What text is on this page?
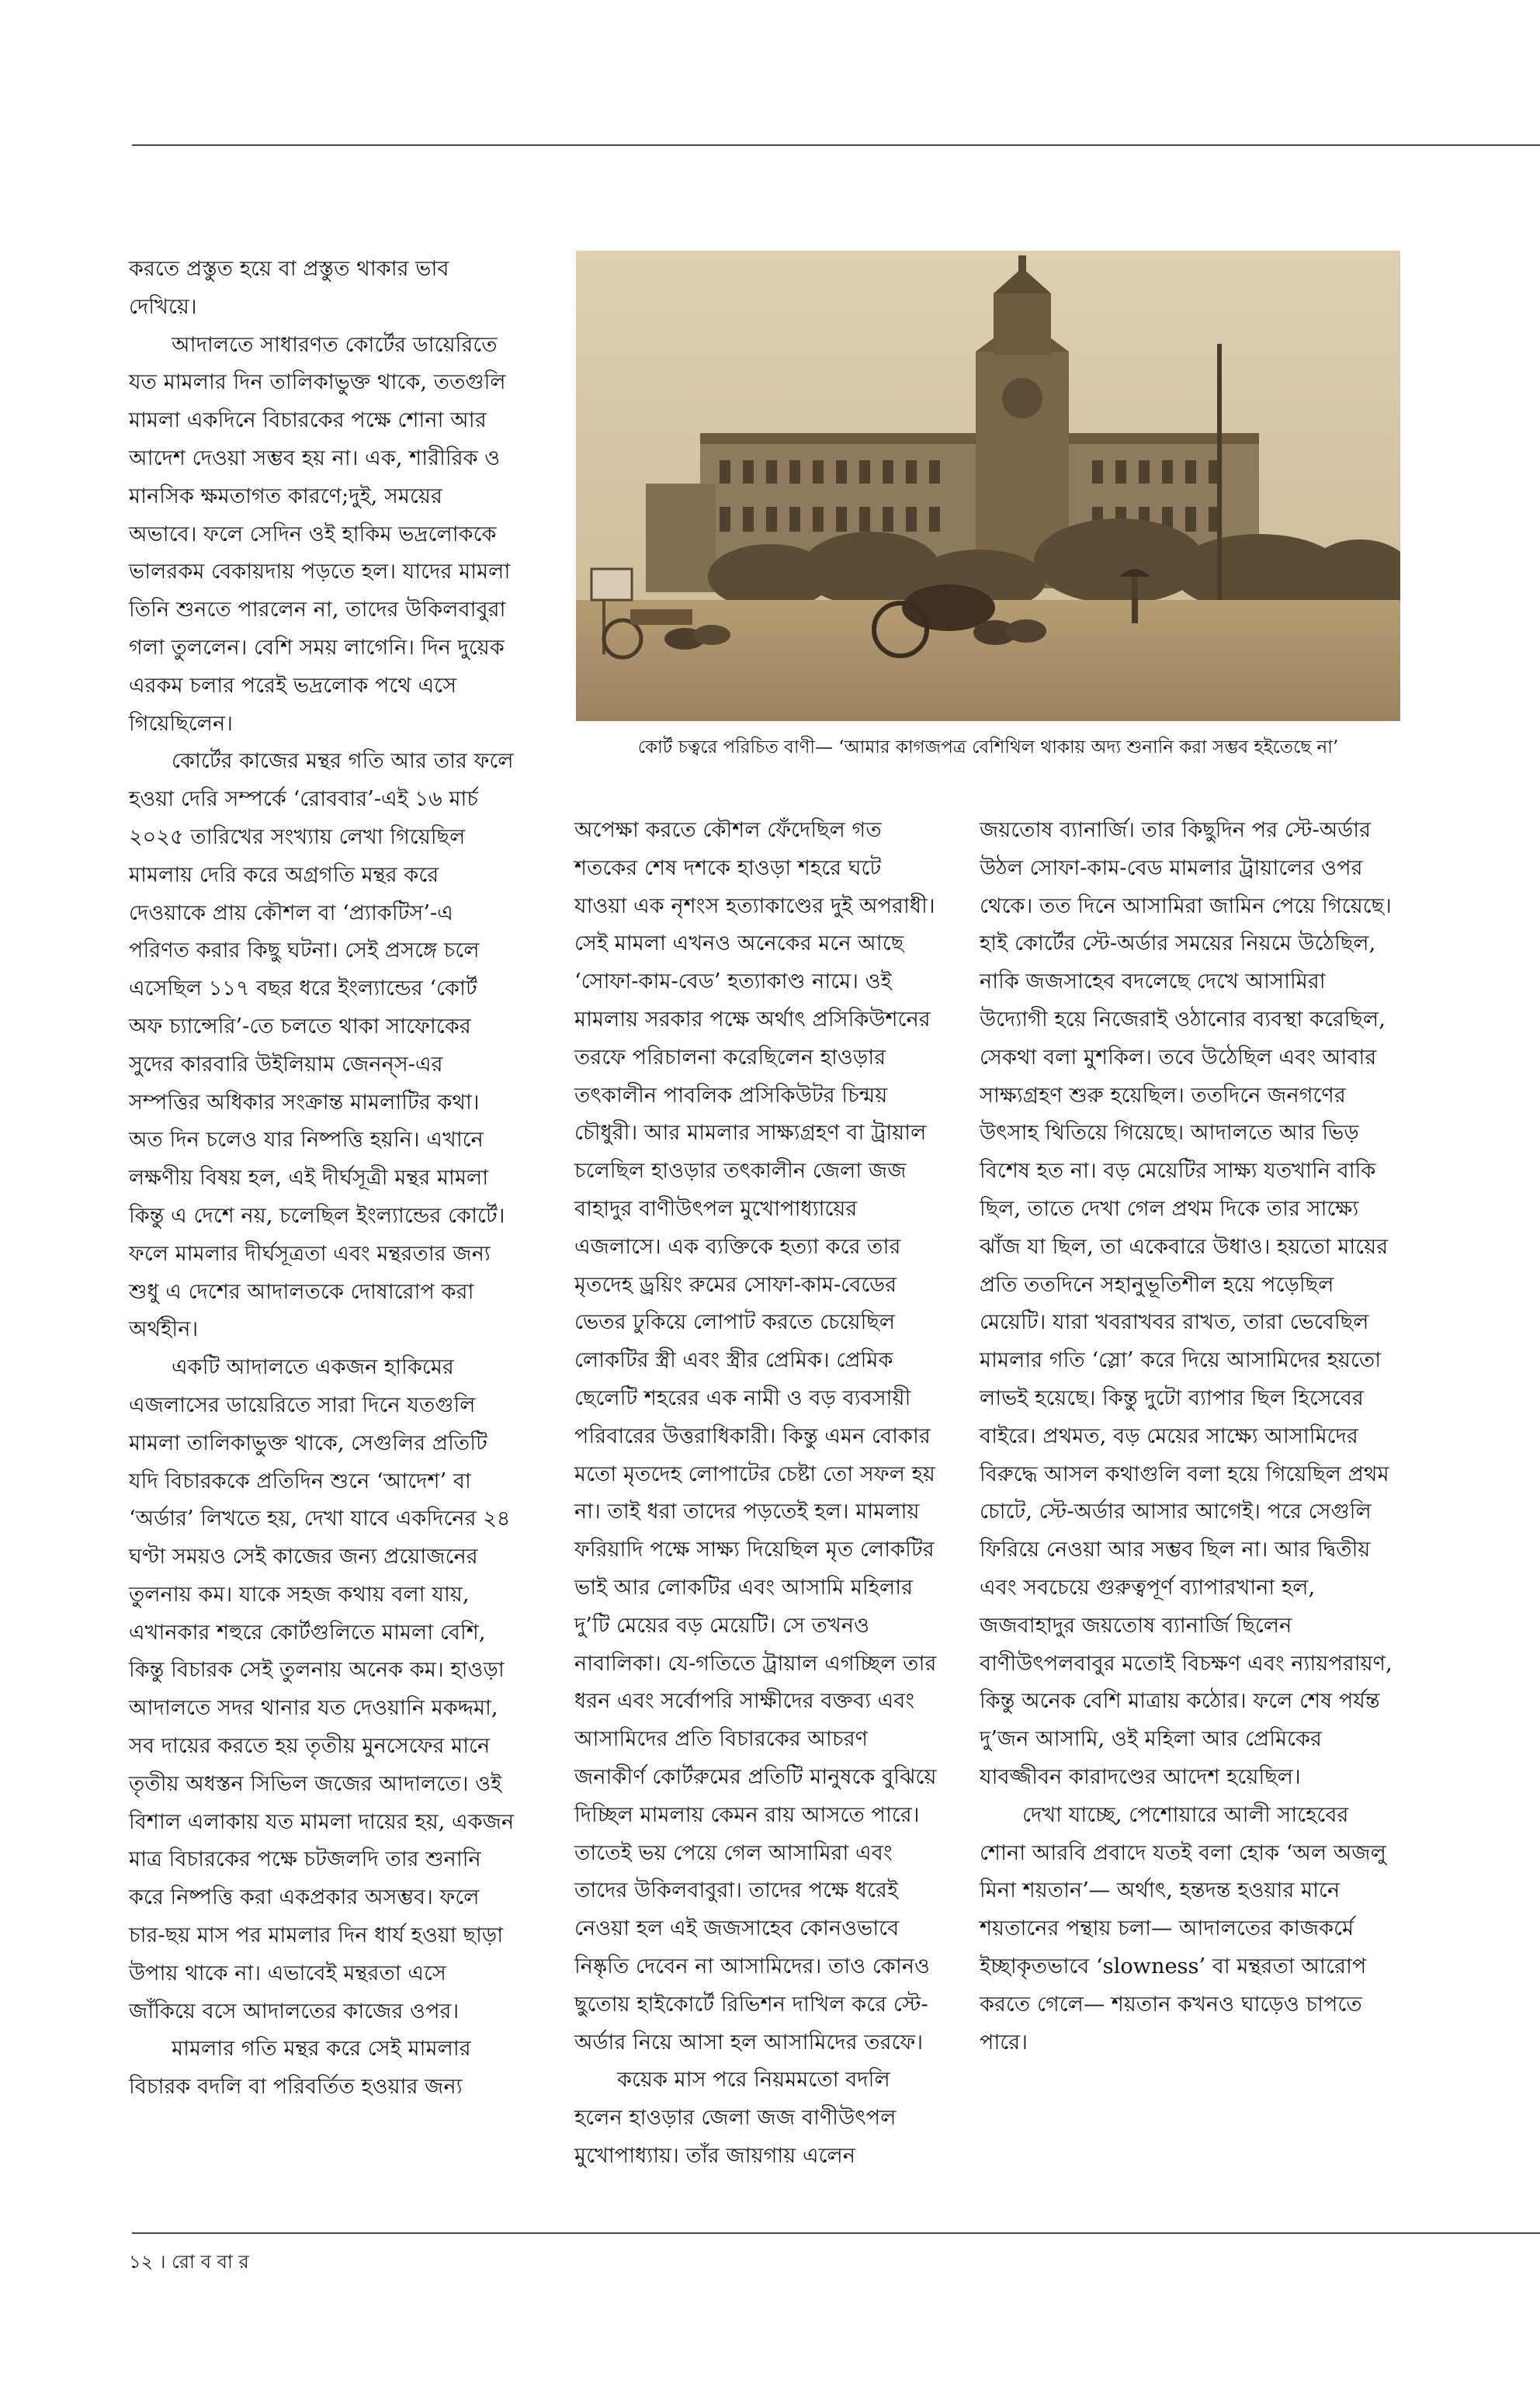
করতে প্রস্তুত হয়ে বা প্রস্তুত থাকার ভাব দেখিয়ে।

আদালতে সাধারণত কোর্টের ডায়েরিতে যত মামলার দিন তালিকাভুক্ত থাকে, ততগুলি মামলা একদিনে বিচারকের পক্ষে শোনা আর আদেশ দেওয়া সম্ভব হয় না। এক, শারীরিক ও মানসিক ক্ষমতাগত কারণে;দুই, সময়ের অভাবে। ফলে সেদিন ওই হাকিম ভদ্রলোককে ভালরকম বেকায়দায় পড়তে হল। যাদের মামলা তিনি শুনতে পারলেন না, তাদের উকিলবাবুরা গলা তুললেন। বেশি সময় লাগেনি। দিন দুয়েক এরকম চলার পরেই ভদ্রলোক পথে এসে গিয়েছিলেন।

কোর্টের কাজের মন্থর গতি আর তার ফলে হওয়া দেরি সম্পর্কে ‘রোববার’-এই ১৬ মার্চ ২০২৫ তারিখের সংখ্যায় লেখা গিয়েছিল মামলায় দেরি করে অগ্রগতি মন্থর করে দেওয়াকে প্রায় কৌশল বা ‘প্র্যাকটিস’-এ পরিণত করার কিছু ঘটনা। সেই প্রসঙ্গে চলে এসেছিল ১১৭ বছর ধরে ইংল্যান্ডের ‘কোর্ট অফ চ্যান্সেরি’-তে চলতে থাকা সাফোকের সুদের কারবারি উইলিয়াম জেনন্‌স-এর সম্পত্তির অধিকার সংক্রান্ত মামলাটির কথা। অত দিন চলেও যার নিষ্পত্তি হয়নি। এখানে লক্ষণীয় বিষয় হল, এই দীর্ঘসূত্রী মন্থর মামলা কিন্তু এ দেশে নয়, চলেছিল ইংল্যান্ডের কোর্টে। ফলে মামলার দীর্ঘসূত্রতা এবং মন্থরতার জন্য শুধু এ দেশের আদালতকে দোষারোপ করা অর্থহীন।

একটি আদালতে একজন হাকিমের এজলাসের ডায়েরিতে সারা দিনে যতগুলি মামলা তালিকাভুক্ত থাকে, সেগুলির প্রতিটি যদি বিচারককে প্রতিদিন শুনে ‘আদেশ’ বা ‘অর্ডার’ লিখতে হয়, দেখা যাবে একদিনের ২৪ ঘণ্টা সময়ও সেই কাজের জন্য প্রয়োজনের তুলনায় কম। যাকে সহজ কথায় বলা যায়, এখানকার শহুরে কোর্টগুলিতে মামলা বেশি, কিন্তু বিচারক সেই তুলনায় অনেক কম। হাওড়া আদালতে সদর থানার যত দেওয়ানি মকদ্দমা, সব দায়ের করতে হয় তৃতীয় মুনসেফের মানে তৃতীয় অধস্তন সিভিল জজের আদালতে। ওই বিশাল এলাকায় যত মামলা দায়ের হয়, একজন মাত্র বিচারকের পক্ষে চটজলদি তার শুনানি করে নিষ্পত্তি করা একপ্রকার অসম্ভব। ফলে চার-ছয় মাস পর মামলার দিন ধার্য হওয়া ছাড়া উপায় থাকে না। এভাবেই মন্থরতা এসে জাঁকিয়ে বসে আদালতের কাজের ওপর।

মামলার গতি মন্থর করে সেই মামলার বিচারক বদলি বা পরিবর্তিত হওয়ার জন্য

কোর্ট চত্বরে পরিচিত বাণী— ‘আমার কাগজপত্র বেশিথিল থাকায় অদ্য শুনানি করা সম্ভব হইতেছে না’

অপেক্ষা করতে কৌশল ফেঁদেছিল গত শতকের শেষ দশকে হাওড়া শহরে ঘটে যাওয়া এক নৃশংস হত্যাকাণ্ডের দুই অপরাধী। সেই মামলা এখনও অনেকের মনে আছে ‘সোফা-কাম-বেড’ হত্যাকাণ্ড নামে। ওই মামলায় সরকার পক্ষে অর্থাৎ প্রসিকিউশনের তরফে পরিচালনা করেছিলেন হাওড়ার তৎকালীন পাবলিক প্রসিকিউটর চিন্ময় চৌধুরী। আর মামলার সাক্ষ্যগ্রহণ বা ট্রায়াল চলেছিল হাওড়ার তৎকালীন জেলা জজ বাহাদুর বাণীউৎপল মুখোপাধ্যায়ের এজলাসে। এক ব্যক্তিকে হত্যা করে তার মৃতদেহ ড্রয়িং রুমের সোফা-কাম-বেডের ভেতর ঢুকিয়ে লোপাট করতে চেয়েছিল লোকটির স্ত্রী এবং স্ত্রীর প্রেমিক। প্রেমিক ছেলেটি শহরের এক নামী ও বড় ব্যবসায়ী পরিবারের উত্তরাধিকারী। কিন্তু এমন বোকার মতো মৃতদেহ লোপাটের চেষ্টা তো সফল হয় না। তাই ধরা তাদের পড়তেই হল। মামলায় ফরিয়াদি পক্ষে সাক্ষ্য দিয়েছিল মৃত লোকটির ভাই আর লোকটির এবং আসামি মহিলার দু’টি মেয়ের বড় মেয়েটি। সে তখনও নাবালিকা। যে-গতিতে ট্রায়াল এগচ্ছিল তার ধরন এবং সর্বোপরি সাক্ষীদের বক্তব্য এবং আসামিদের প্রতি বিচারকের আচরণ জনাকীর্ণ কোর্টরুমের প্রতিটি মানুষকে বুঝিয়ে দিচ্ছিল মামলায় কেমন রায় আসতে পারে। তাতেই ভয় পেয়ে গেল আসামিরা এবং তাদের উকিলবাবুরা। তাদের পক্ষে ধরেই নেওয়া হল এই জজসাহেব কোনওভাবে নিষ্কৃতি দেবেন না আসামিদের। তাও কোনও ছুতোয় হাইকোর্টে রিভিশন দাখিল করে স্টে-অর্ডার নিয়ে আসা হল আসামিদের তরফে।

কয়েক মাস পরে নিয়মমতো বদলি হলেন হাওড়ার জেলা জজ বাণীউৎপল মুখোপাধ্যায়। তাঁর জায়গায় এলেন

জয়তোষ ব্যানার্জি। তার কিছুদিন পর স্টে-অর্ডার উঠল সোফা-কাম-বেড মামলার ট্রায়ালের ওপর থেকে। তত দিনে আসামিরা জামিন পেয়ে গিয়েছে। হাই কোর্টের স্টে-অর্ডার সময়ের নিয়মে উঠেছিল, নাকি জজসাহেব বদলেছে দেখে আসামিরা উদ্যোগী হয়ে নিজেরাই ওঠানোর ব্যবস্থা করেছিল, সেকথা বলা মুশকিল। তবে উঠেছিল এবং আবার সাক্ষ্যগ্রহণ শুরু হয়েছিল। ততদিনে জনগণের উৎসাহ থিতিয়ে গিয়েছে। আদালতে আর ভিড় বিশেষ হত না। বড় মেয়েটির সাক্ষ্য যতখানি বাকি ছিল, তাতে দেখা গেল প্রথম দিকে তার সাক্ষ্যে ঝাঁজ যা ছিল, তা একেবারে উধাও। হয়তো মায়ের প্রতি ততদিনে সহানুভূতিশীল হয়ে পড়েছিল মেয়েটি। যারা খবরাখবর রাখত, তারা ভেবেছিল মামলার গতি ‘স্লো’ করে দিয়ে আসামিদের হয়তো লাভই হয়েছে। কিন্তু দুটো ব্যাপার ছিল হিসেবের বাইরে। প্রথমত, বড় মেয়ের সাক্ষ্যে আসামিদের বিরুদ্ধে আসল কথাগুলি বলা হয়ে গিয়েছিল প্রথম চোটে, স্টে-অর্ডার আসার আগেই। পরে সেগুলি ফিরিয়ে নেওয়া আর সম্ভব ছিল না। আর দ্বিতীয় এবং সবচেয়ে গুরুত্বপূর্ণ ব্যাপারখানা হল, জজবাহাদুর জয়তোষ ব্যানার্জি ছিলেন বাণীউৎপলবাবুর মতোই বিচক্ষণ এবং ন্যায়পরায়ণ, কিন্তু অনেক বেশি মাত্রায় কঠোর। ফলে শেষ পর্যন্ত দু’জন আসামি, ওই মহিলা আর প্রেমিকের যাবজ্জীবন কারাদণ্ডের আদেশ হয়েছিল।

দেখা যাচ্ছে, পেশোয়ারে আলী সাহেবের শোনা আরবি প্রবাদে যতই বলা হোক ‘অল অজলু মিনা শয়তান’— অর্থাৎ, হন্তদন্ত হওয়ার মানে শয়তানের পন্থায় চলা— আদালতের কাজকর্মে ইচ্ছাকৃতভাবে ‘slowness’ বা মন্থরতা আরোপ করতে গেলে— শয়তান কখনও ঘাড়েও চাপতে পারে।

১২ । রো ব বা র
